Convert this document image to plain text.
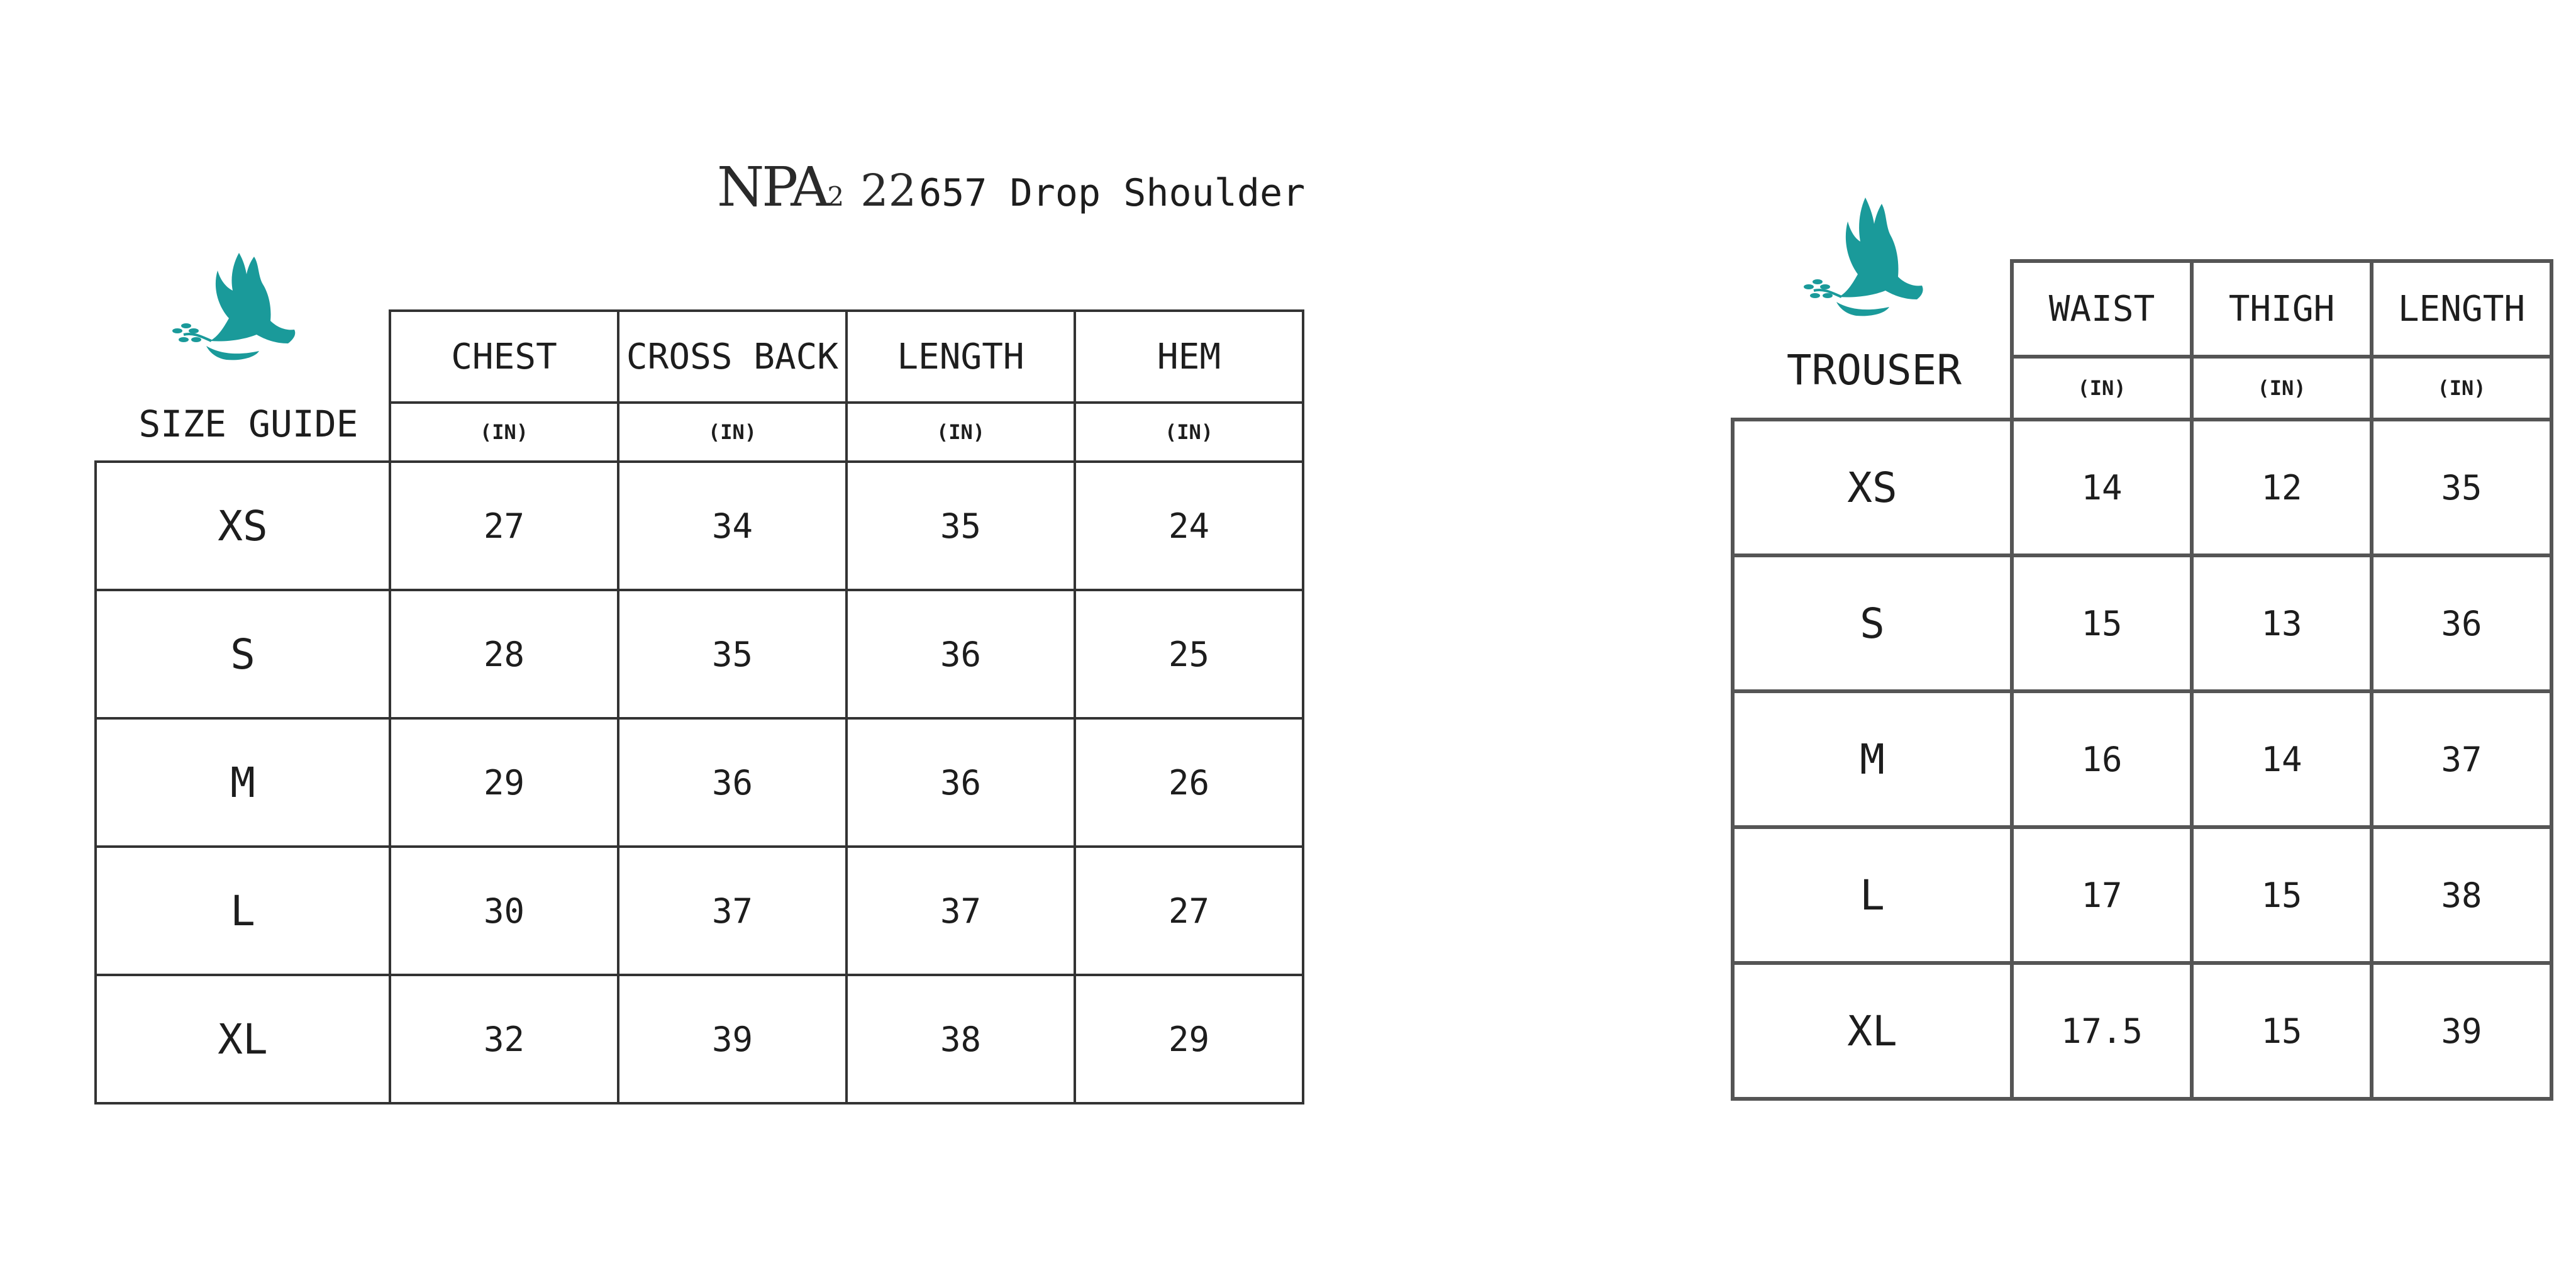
NPA 2 22 657 Drop Shoulder
SIZE GUIDE
	CHEST	CROSS BACK	LENGTH	HEM
	(IN)	(IN)	(IN)	(IN)
XS	27	34	35	24
S	28	35	36	25
M	29	36	36	26
L	30	37	37	27
XL	32	39	38	29
TROUSER
	WAIST	THIGH	LENGTH
	(IN)	(IN)	(IN)
XS	14	12	35
S	15	13	36
M	16	14	37
L	17	15	38
XL	17.5	15	39
